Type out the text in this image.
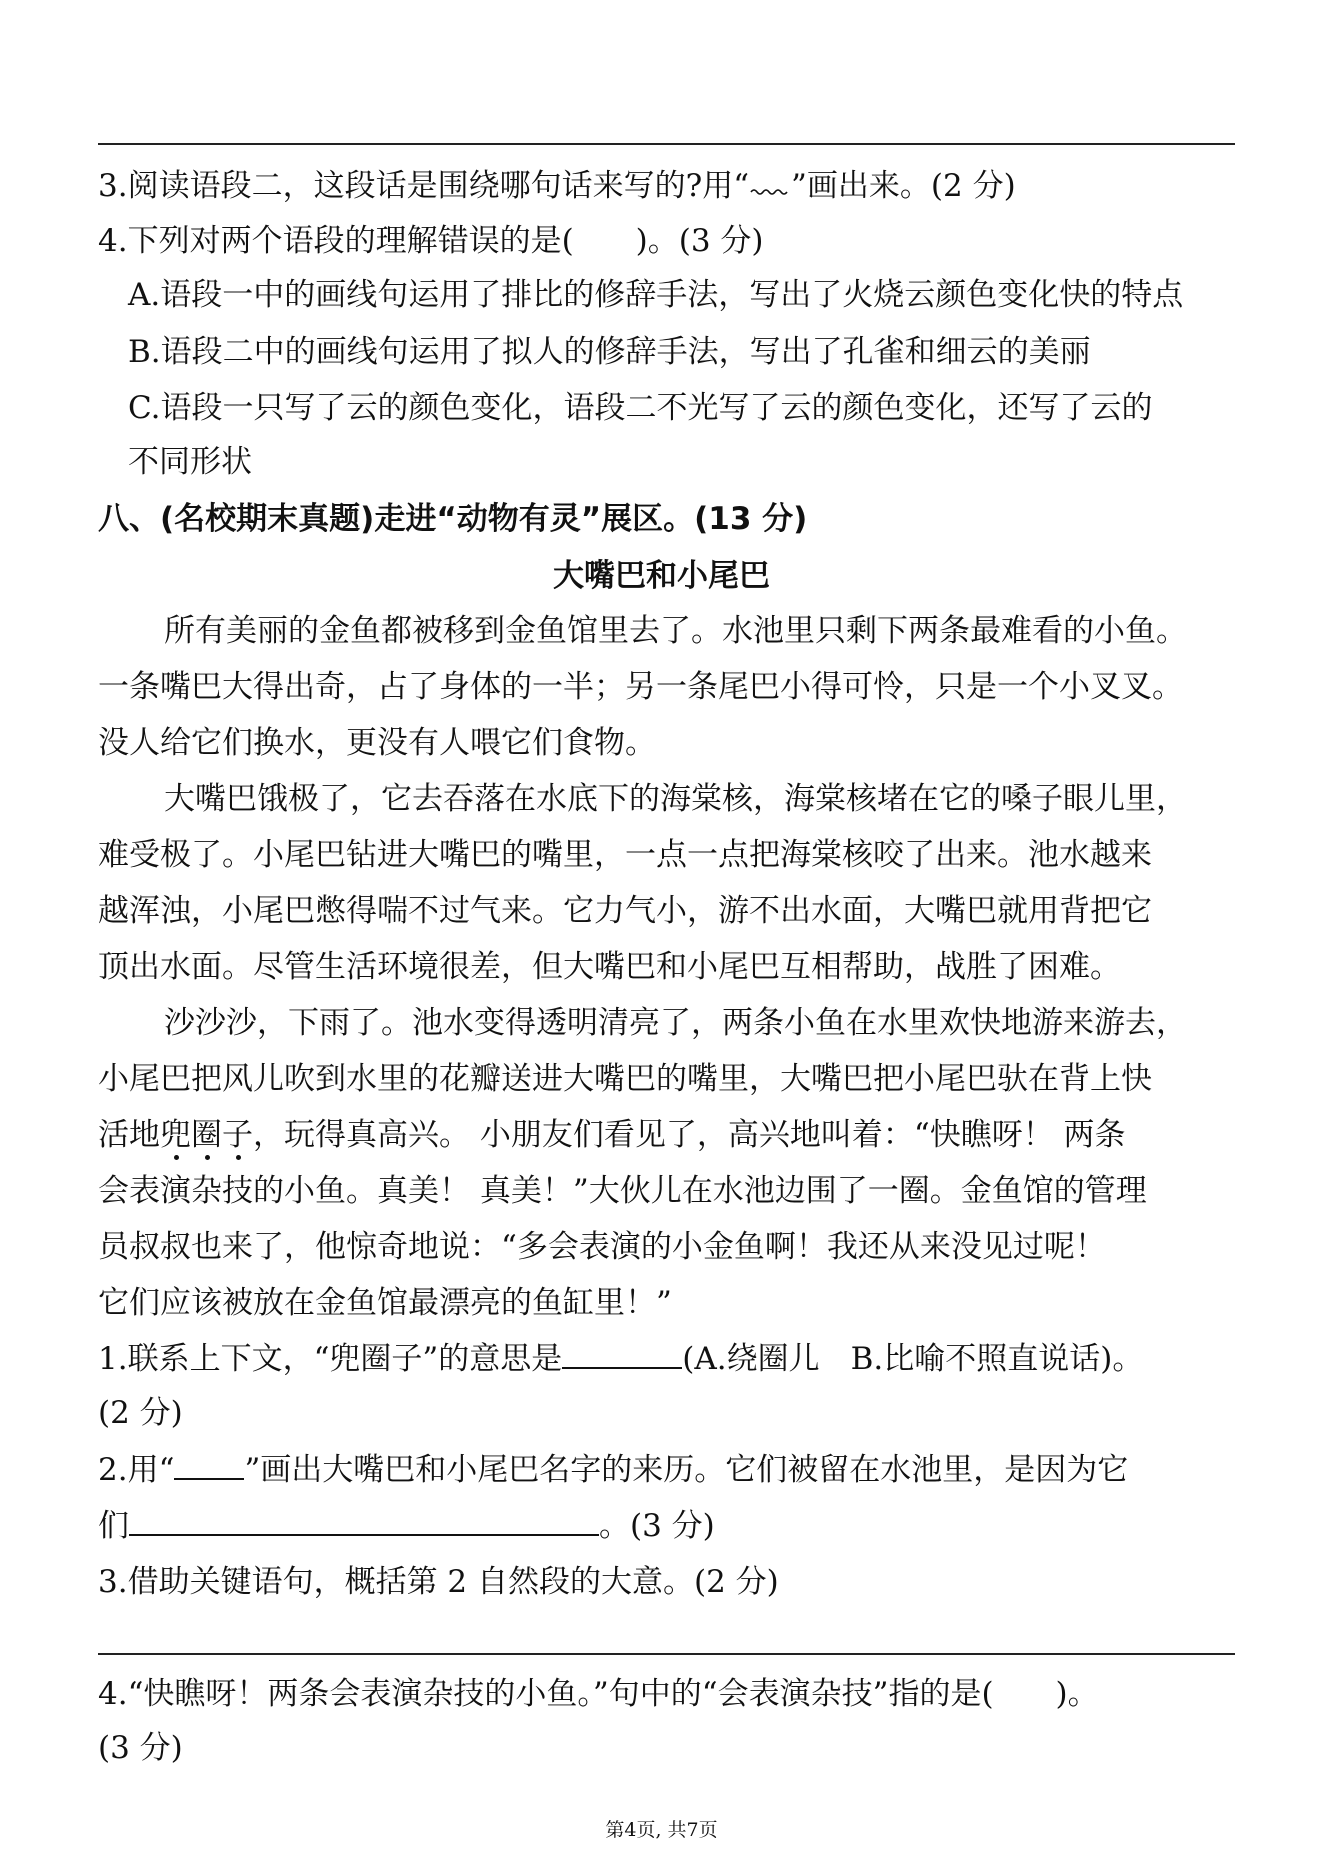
3.阅读语段二，这段话是围绕哪句话来写的?用“ ”画出来。(2 分)
4.下列对两个语段的理解错误的是(　　)。(3 分)
A.语段一中的画线句运用了排比的修辞手法，写出了火烧云颜色变化快的特点
B.语段二中的画线句运用了拟人的修辞手法，写出了孔雀和细云的美丽
C.语段一只写了云的颜色变化，语段二不光写了云的颜色变化，还写了云的
不同形状
八、(名校期末真题)走进“动物有灵”展区。(13 分)
大嘴巴和小尾巴
所有美丽的金鱼都被移到金鱼馆里去了。水池里只剩下两条最难看的小鱼。
一条嘴巴大得出奇，占了身体的一半；另一条尾巴小得可怜，只是一个小叉叉。
没人给它们换水，更没有人喂它们食物。
大嘴巴饿极了，它去吞落在水底下的海棠核，海棠核堵在它的嗓子眼儿里，
难受极了。小尾巴钻进大嘴巴的嘴里，一点一点把海棠核咬了出来。池水越来
越浑浊，小尾巴憋得喘不过气来。它力气小，游不出水面，大嘴巴就用背把它
顶出水面。尽管生活环境很差，但大嘴巴和小尾巴互相帮助，战胜了困难。
沙沙沙，下雨了。池水变得透明清亮了，两条小鱼在水里欢快地游来游去，
小尾巴把风儿吹到水里的花瓣送进大嘴巴的嘴里，大嘴巴把小尾巴驮在背上快
活地兜
圈
子
，玩得真高兴。 小朋友们看见了，高兴地叫着：“快瞧呀！ 两条
会表演杂技的小鱼。真美！ 真美！”大伙儿在水池边围了一圈。金鱼馆的管理
员叔叔也来了，他惊奇地说：“多会表演的小金鱼啊！我还从来没见过呢！
它们应该被放在金鱼馆最漂亮的鱼缸里！”
1.联系上下文，“兜圈子”的意思是	(A.绕圈儿　B.比喻不照直说话)。
(2 分)
2.用“ ”画出大嘴巴和小尾巴名字的来历。它们被留在水池里，是因为它
们	。(3 分)
3.借助关键语句，概括第 2 自然段的大意。(2 分)
4.“快瞧呀！两条会表演杂技的小鱼。”句中的“会表演杂技”指的是(　　)。
(3 分)
第4页, 共7页
